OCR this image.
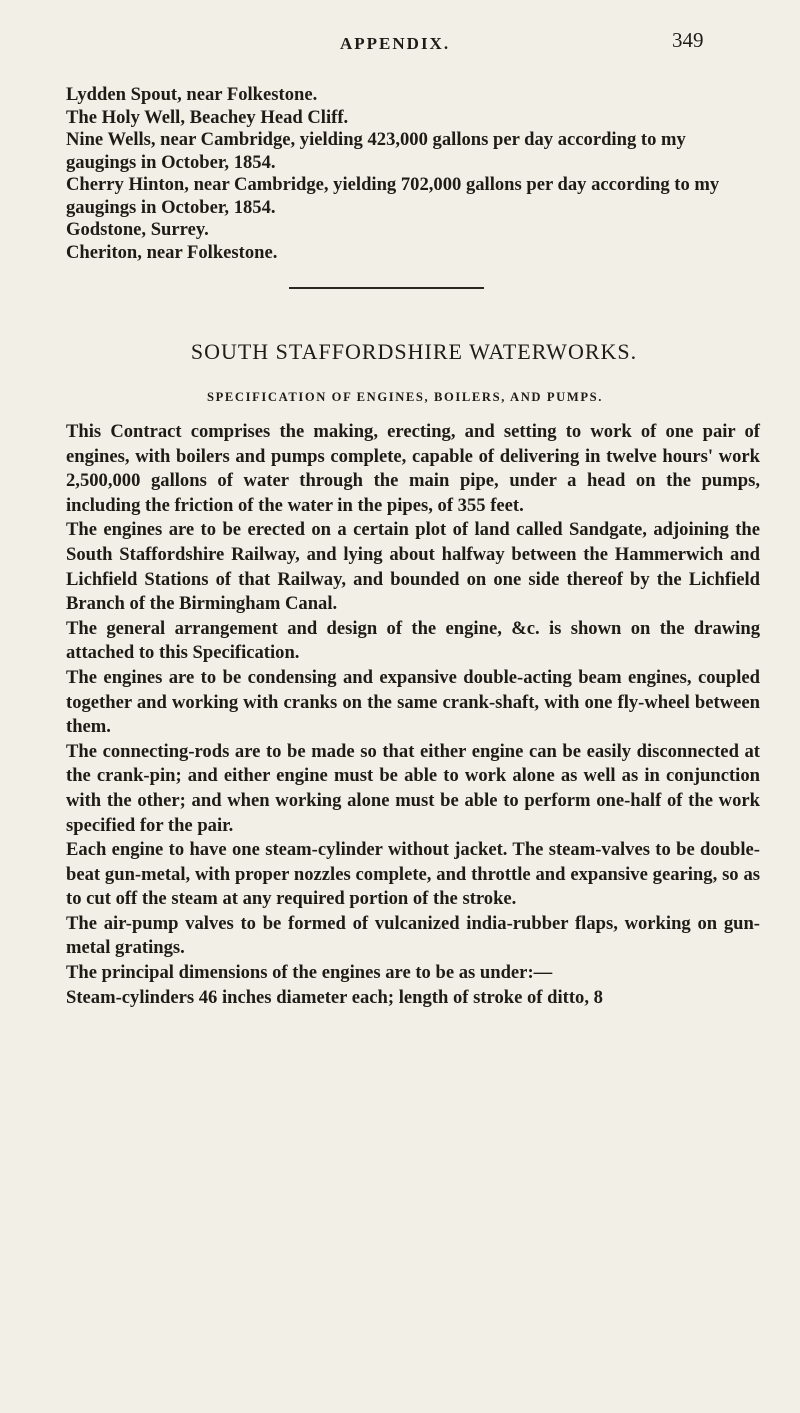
APPENDIX.	349

Lydden Spout, near Folkestone.

The Holy Well, Beachey Head Cliff.

Nine Wells, near Cambridge, yielding 423,000 gallons per day according to my gaugings in October, 1854.

Cherry Hinton, near Cambridge, yielding 702,000 gallons per day according to my gaugings in October, 1854.

Godstone, Surrey.

Cheriton, near Folkestone.

SOUTH STAFFORDSHIRE WATERWORKS.
SPECIFICATION OF ENGINES, BOILERS, AND PUMPS.

This Contract comprises the making, erecting, and setting to work of one pair of engines, with boilers and pumps complete, capable of delivering in twelve hours' work 2,500,000 gallons of water through the main pipe, under a head on the pumps, including the friction of the water in the pipes, of 355 feet.

The engines are to be erected on a certain plot of land called Sandgate, adjoining the South Staffordshire Railway, and lying about halfway between the Hammerwich and Lichfield Stations of that Railway, and bounded on one side thereof by the Lichfield Branch of the Birmingham Canal.

The general arrangement and design of the engine, &c. is shown on the drawing attached to this Specification.

The engines are to be condensing and expansive double-acting beam engines, coupled together and working with cranks on the same crank-shaft, with one fly-wheel between them.

The connecting-rods are to be made so that either engine can be easily disconnected at the crank-pin; and either engine must be able to work alone as well as in conjunction with the other; and when working alone must be able to perform one-half of the work specified for the pair.

Each engine to have one steam-cylinder without jacket. The steam-valves to be double-beat gun-metal, with proper nozzles complete, and throttle and expansive gearing, so as to cut off the steam at any required portion of the stroke.

The air-pump valves to be formed of vulcanized india-rubber flaps, working on gun-metal gratings.

The principal dimensions of the engines are to be as under:—

Steam-cylinders 46 inches diameter each; length of stroke of ditto, 8
